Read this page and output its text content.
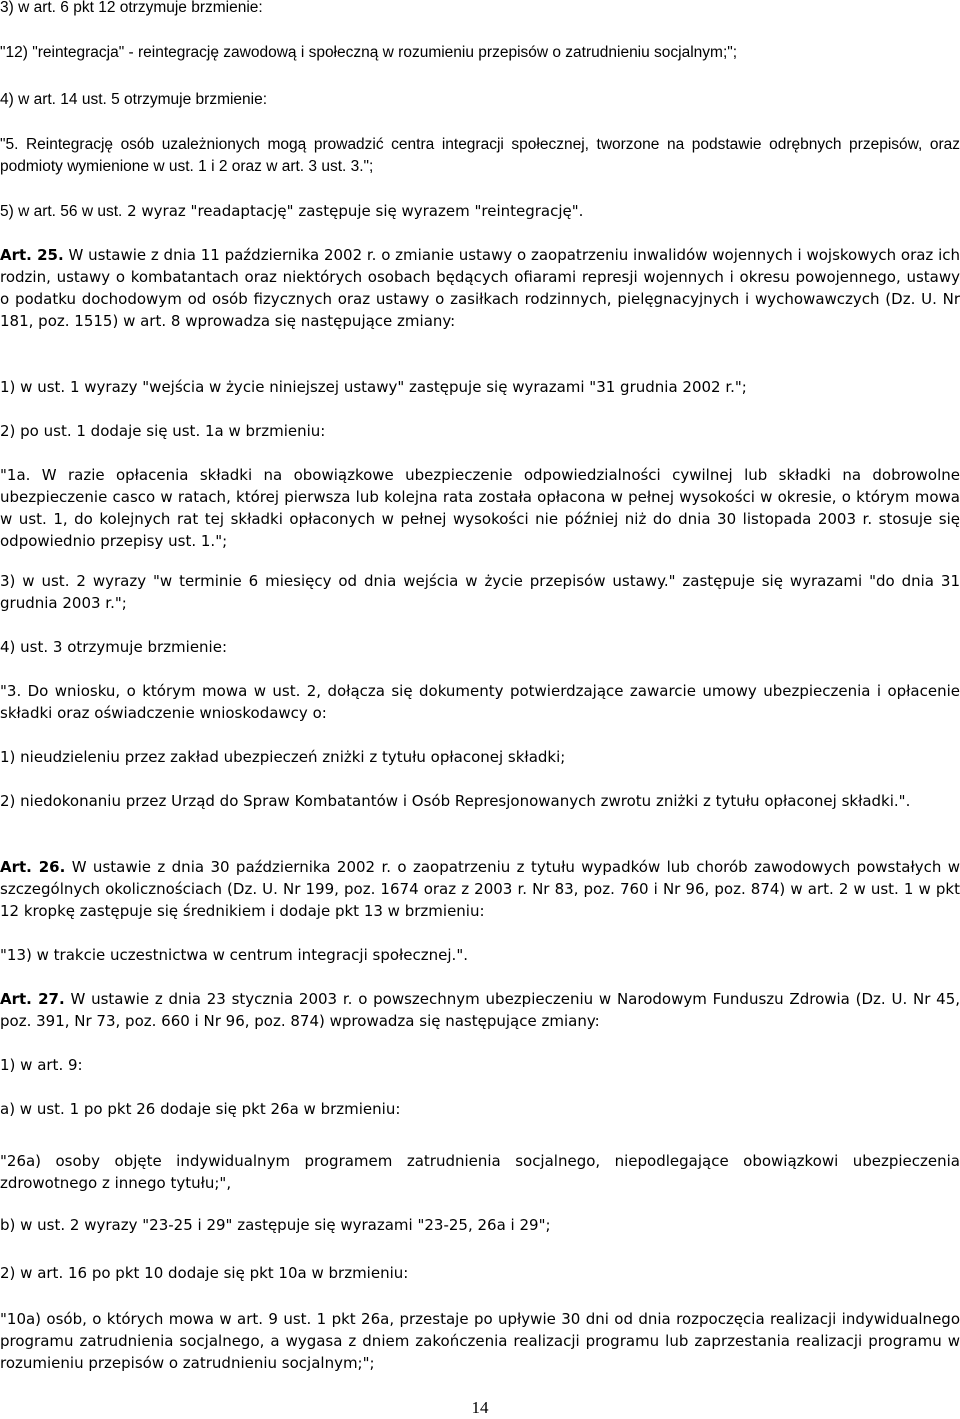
3) w art. 6 pkt 12 otrzymuje brzmienie:

"12) "reintegracja" - reintegrację zawodową i społeczną w rozumieniu przepisów o zatrudnieniu socjalnym;";

4) w art. 14 ust. 5 otrzymuje brzmienie:

"5. Reintegrację osób uzależnionych mogą prowadzić centra integracji społecznej, tworzone na podstawie odrębnych przepisów, oraz podmioty wymienione w ust. 1 i 2 oraz w art. 3 ust. 3.";

5) w art. 56 w ust. 2 wyraz "readaptację" zastępuje się wyrazem "reintegrację".

Art. 25. W ustawie z dnia 11 października 2002 r. o zmianie ustawy o zaopatrzeniu inwalidów wojennych i wojskowych oraz ich rodzin, ustawy o kombatantach oraz niektórych osobach będących ofiarami represji wojennych i okresu powojennego, ustawy o podatku dochodowym od osób fizycznych oraz ustawy o zasiłkach rodzinnych, pielęgnacyjnych i wychowawczych (Dz. U. Nr 181, poz. 1515) w art. 8 wprowadza się następujące zmiany:

1) w ust. 1 wyrazy "wejścia w życie niniejszej ustawy" zastępuje się wyrazami "31 grudnia 2002 r.";

2) po ust. 1 dodaje się ust. 1a w brzmieniu:

"1a. W razie opłacenia składki na obowiązkowe ubezpieczenie odpowiedzialności cywilnej lub składki na dobrowolne ubezpieczenie casco w ratach, której pierwsza lub kolejna rata została opłacona w pełnej wysokości w okresie, o którym mowa w ust. 1, do kolejnych rat tej składki opłaconych w pełnej wysokości nie później niż do dnia 30 listopada 2003 r. stosuje się odpowiednio przepisy ust. 1.";

3) w ust. 2 wyrazy "w terminie 6 miesięcy od dnia wejścia w życie przepisów ustawy." zastępuje się wyrazami "do dnia 31 grudnia 2003 r.";

4) ust. 3 otrzymuje brzmienie:

"3. Do wniosku, o którym mowa w ust. 2, dołącza się dokumenty potwierdzające zawarcie umowy ubezpieczenia i opłacenie składki oraz oświadczenie wnioskodawcy o:

1) nieudzieleniu przez zakład ubezpieczeń zniżki z tytułu opłaconej składki;

2) niedokonaniu przez Urząd do Spraw Kombatantów i Osób Represjonowanych zwrotu zniżki z tytułu opłaconej składki.".

Art. 26. W ustawie z dnia 30 października 2002 r. o zaopatrzeniu z tytułu wypadków lub chorób zawodowych powstałych w szczególnych okolicznościach (Dz. U. Nr 199, poz. 1674 oraz z 2003 r. Nr 83, poz. 760 i Nr 96, poz. 874) w art. 2 w ust. 1 w pkt 12 kropkę zastępuje się średnikiem i dodaje pkt 13 w brzmieniu:

"13) w trakcie uczestnictwa w centrum integracji społecznej.".

Art. 27. W ustawie z dnia 23 stycznia 2003 r. o powszechnym ubezpieczeniu w Narodowym Funduszu Zdrowia (Dz. U. Nr 45, poz. 391, Nr 73, poz. 660 i Nr 96, poz. 874) wprowadza się następujące zmiany:

1) w art. 9:

a) w ust. 1 po pkt 26 dodaje się pkt 26a w brzmieniu:

"26a) osoby objęte indywidualnym programem zatrudnienia socjalnego, niepodlegające obowiązkowi ubezpieczenia zdrowotnego z innego tytułu;",

b) w ust. 2 wyrazy "23-25 i 29" zastępuje się wyrazami "23-25, 26a i 29";

2) w art. 16 po pkt 10 dodaje się pkt 10a w brzmieniu:

"10a) osób, o których mowa w art. 9 ust. 1 pkt 26a, przestaje po upływie 30 dni od dnia rozpoczęcia realizacji indywidualnego programu zatrudnienia socjalnego, a wygasa z dniem zakończenia realizacji programu lub zaprzestania realizacji programu w rozumieniu przepisów o zatrudnieniu socjalnym;";

14
